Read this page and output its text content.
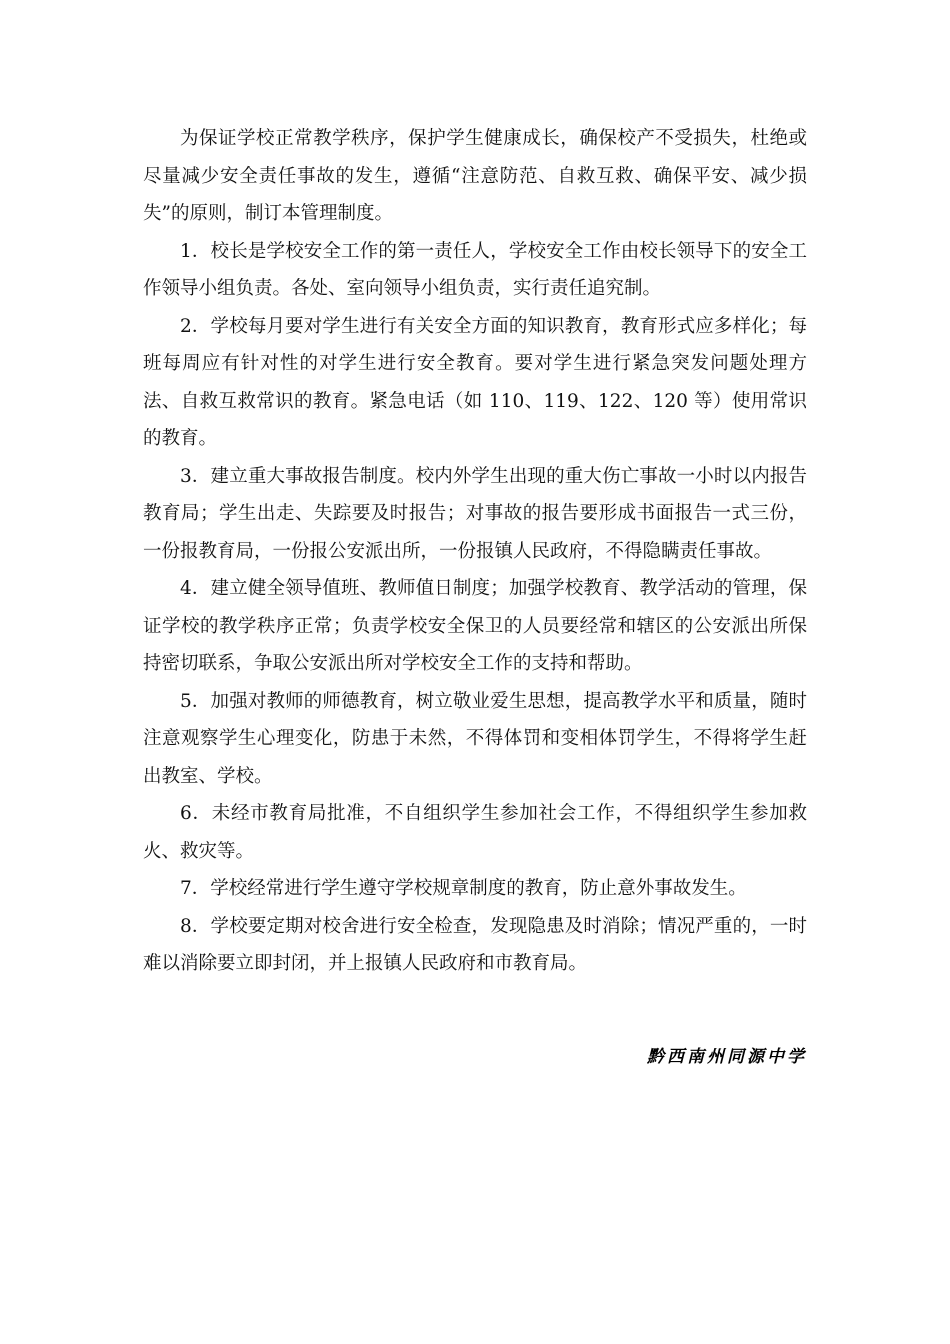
为保证学校正常教学秩序，保护学生健康成长，确保校产不受损失，杜绝或尽量减少安全责任事故的发生，遵循“注意防范、自救互救、确保平安、减少损失”的原则，制订本管理制度。

1．校长是学校安全工作的第一责任人，学校安全工作由校长领导下的安全工作领导小组负责。各处、室向领导小组负责，实行责任追究制。

2．学校每月要对学生进行有关安全方面的知识教育，教育形式应多样化；每班每周应有针对性的对学生进行安全教育。要对学生进行紧急突发问题处理方法、自救互救常识的教育。紧急电话（如 110、119、122、120 等）使用常识的教育。

3．建立重大事故报告制度。校内外学生出现的重大伤亡事故一小时以内报告教育局；学生出走、失踪要及时报告；对事故的报告要形成书面报告一式三份，一份报教育局，一份报公安派出所，一份报镇人民政府，不得隐瞒责任事故。

4．建立健全领导值班、教师值日制度；加强学校教育、教学活动的管理，保证学校的教学秩序正常；负责学校安全保卫的人员要经常和辖区的公安派出所保持密切联系，争取公安派出所对学校安全工作的支持和帮助。

5．加强对教师的师德教育，树立敬业爱生思想，提高教学水平和质量，随时注意观察学生心理变化，防患于未然，不得体罚和变相体罚学生，不得将学生赶出教室、学校。

6．未经市教育局批准，不自组织学生参加社会工作，不得组织学生参加救火、救灾等。

7．学校经常进行学生遵守学校规章制度的教育，防止意外事故发生。

8．学校要定期对校舍进行安全检查，发现隐患及时消除；情况严重的，一时难以消除要立即封闭，并上报镇人民政府和市教育局。

黔西南州同源中学
